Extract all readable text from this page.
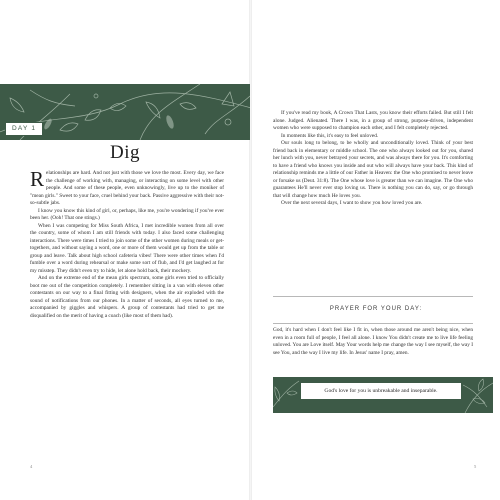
DAY 1
Dig

Relationships are hard. And not just with those we love the most. Every day, we face the challenge of working with, managing, or interacting on some level with other people. And some of these people, even unknowingly, live up to the moniker of "mean girls." Sweet to your face, cruel behind your back. Passive aggressive with their not-so-subtle jabs.

I know you know this kind of girl, or, perhaps, like me, you're wondering if you've ever been her. (Ooh! That one stings.)

When I was competing for Miss South Africa, I met incredible women from all over the country, some of whom I am still friends with today. I also faced some challenging interactions. There were times I tried to join some of the other women during meals or get-togethers, and without saying a word, one or more of them would get up from the table or group and leave. Talk about high school cafeteria vibes! There were other times when I'd fumble over a word during rehearsal or make some sort of flub, and I'd get laughed at for my misstep. They didn't even try to hide, let alone hold back, their mockery.

And on the extreme end of the mean girls spectrum, some girls even tried to officially boot me out of the competition completely. I remember sitting in a van with eleven other contestants on our way to a final fitting with designers, when the air exploded with the sound of notifications from our phones. In a matter of seconds, all eyes turned to me, accompanied by giggles and whispers. A group of contestants had tried to get me disqualified on the merit of having a coach (like most of them had).

4

If you've read my book, A Crown That Lasts, you know their efforts failed. But still I felt alone. Judged. Alienated. There I was, in a group of strong, purpose-driven, independent women who were supposed to champion each other, and I felt completely rejected.

In moments like this, it's easy to feel unloved.

Our souls long to belong, to be wholly and unconditionally loved. Think of your best friend back in elementary or middle school. The one who always looked out for you, shared her lunch with you, never betrayed your secrets, and was always there for you. It's comforting to have a friend who knows you inside and out who will always have your back. This kind of relationship reminds me a little of our Father in Heaven: the One who promised to never leave or forsake us (Deut. 31:8). The One whose love is greater than we can imagine. The One who guarantees He'll never ever stop loving us. There is nothing you can do, say, or go through that will change how much He loves you.

Over the next several days, I want to show you how loved you are.

PRAYER FOR YOUR DAY:

God, it's hard when I don't feel like I fit in, when those around me aren't being nice, when even in a room full of people, I feel all alone. I know You didn't create me to live life feeling unloved. You are Love itself. May Your words help me change the way I see myself, the way I see You, and the way I live my life. In Jesus' name I pray, amen.

God's love for you is unbreakable and inseparable.
5
